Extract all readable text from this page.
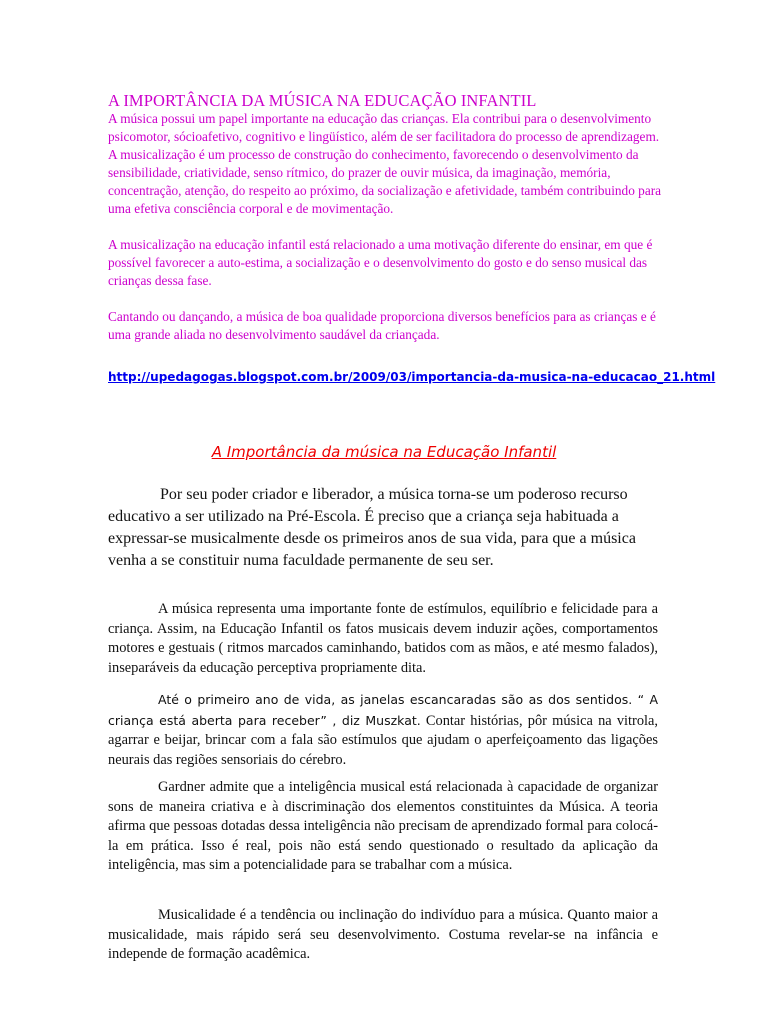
A IMPORTÂNCIA DA MÚSICA NA EDUCAÇÃO INFANTIL

A música possui um papel importante na educação das crianças. Ela contribui para o desenvolvimento psicomotor, sócioafetivo, cognitivo e lingüístico, além de ser facilitadora do processo de aprendizagem. A musicalização é um processo de construção do conhecimento, favorecendo o desenvolvimento da sensibilidade, criatividade, senso rítmico, do prazer de ouvir música, da imaginação, memória, concentração, atenção, do respeito ao próximo, da socialização e afetividade, também contribuindo para uma efetiva consciência corporal e de movimentação.

A musicalização na educação infantil está relacionado a uma motivação diferente do ensinar, em que é possível favorecer a auto-estima, a socialização e o desenvolvimento do gosto e do senso musical das crianças dessa fase.

Cantando ou dançando, a música de boa qualidade proporciona diversos benefícios para as crianças e é uma grande aliada no desenvolvimento saudável da criançada.

http://upedagogas.blogspot.com.br/2009/03/importancia-da-musica-na-educacao_21.html
A Importância da música na Educação Infantil

Por seu poder criador e liberador, a música torna-se um poderoso recurso educativo a ser utilizado na Pré-Escola. É preciso que a criança seja habituada a expressar-se musicalmente desde os primeiros anos de sua vida, para que a música venha a se constituir numa faculdade permanente de seu ser.

A música representa uma importante fonte de estímulos, equilíbrio e felicidade para a criança. Assim, na Educação Infantil os fatos musicais devem induzir ações, comportamentos motores e gestuais ( ritmos marcados caminhando, batidos com as mãos, e até mesmo falados), inseparáveis da educação perceptiva propriamente dita.

Até o primeiro ano de vida, as janelas escancaradas são as dos sentidos. “ A criança está aberta para receber” , diz Muszkat. Contar histórias, pôr música na vitrola, agarrar e beijar, brincar com a fala são estímulos que ajudam o aperfeiçoamento das ligações neurais das regiões sensoriais do cérebro.

Gardner admite que a inteligência musical está relacionada à capacidade de organizar sons de maneira criativa e à discriminação dos elementos constituintes da Música. A teoria afirma que pessoas dotadas dessa inteligência não precisam de aprendizado formal para colocá-la em prática. Isso é real, pois não está sendo questionado o resultado da aplicação da inteligência, mas sim a potencialidade para se trabalhar com a música.

Musicalidade é a tendência ou inclinação do indivíduo para a música. Quanto maior a musicalidade, mais rápido será seu desenvolvimento. Costuma revelar-se na infância e independe de formação acadêmica.
